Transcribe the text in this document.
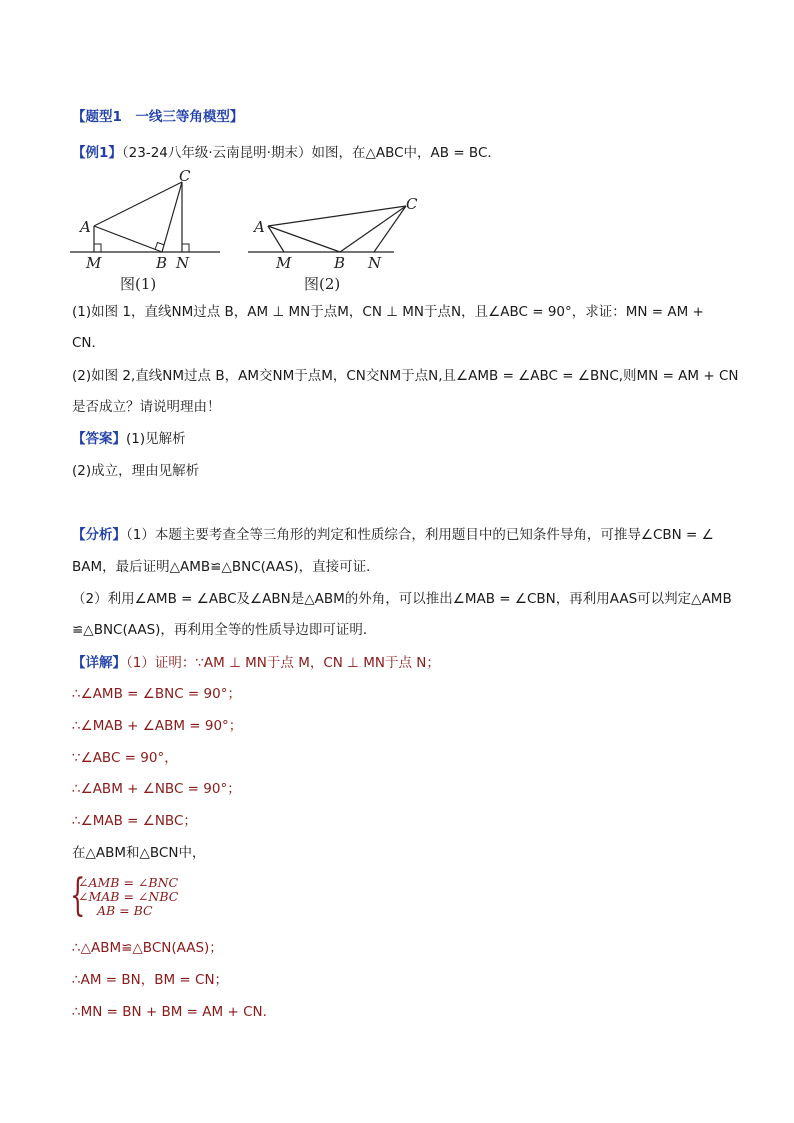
【题型1　一线三等角模型】
【例1】（23-24八年级·云南昆明·期末）如图，在△ABC中，AB = BC．
A
C
M	B N
图(1)
A
C
M	B N
图(2)
(1)如图 1，直线NM过点 B，AM ⊥ MN于点M，CN ⊥ MN于点N，且∠ABC = 90°，求证：MN = AM +
CN．
(2)如图 2,直线NM过点 B，AM交NM于点M，CN交NM于点N,且∠AMB = ∠ABC = ∠BNC,则MN = AM + CN
是否成立？请说明理由！
【答案】(1)见解析
(2)成立，理由见解析
【分析】（1）本题主要考查全等三角形的判定和性质综合，利用题目中的已知条件导角，可推导∠CBN = ∠
BAM，最后证明△AMB≌△BNC(AAS)，直接可证．
（2）利用∠AMB = ∠ABC及∠ABN是△ABM的外角，可以推出∠MAB = ∠CBN，再利用AAS可以判定△AMB
≌△BNC(AAS)，再利用全等的性质导边即可证明．
【详解】（1）证明：∵AM ⊥ MN于点 M，CN ⊥ MN于点 N；
∴∠AMB = ∠BNC = 90°；
∴∠MAB + ∠ABM = 90°；
∵∠ABC = 90°，
∴∠ABM + ∠NBC = 90°；
∴∠MAB = ∠NBC；
在△ABM和△BCN中，
{
∠AMB = ∠BNC
∠MAB = ∠NBC
AB = BC
∴△ABM≌△BCN(AAS)；
∴AM = BN，BM = CN；
∴MN = BN + BM = AM + CN．
